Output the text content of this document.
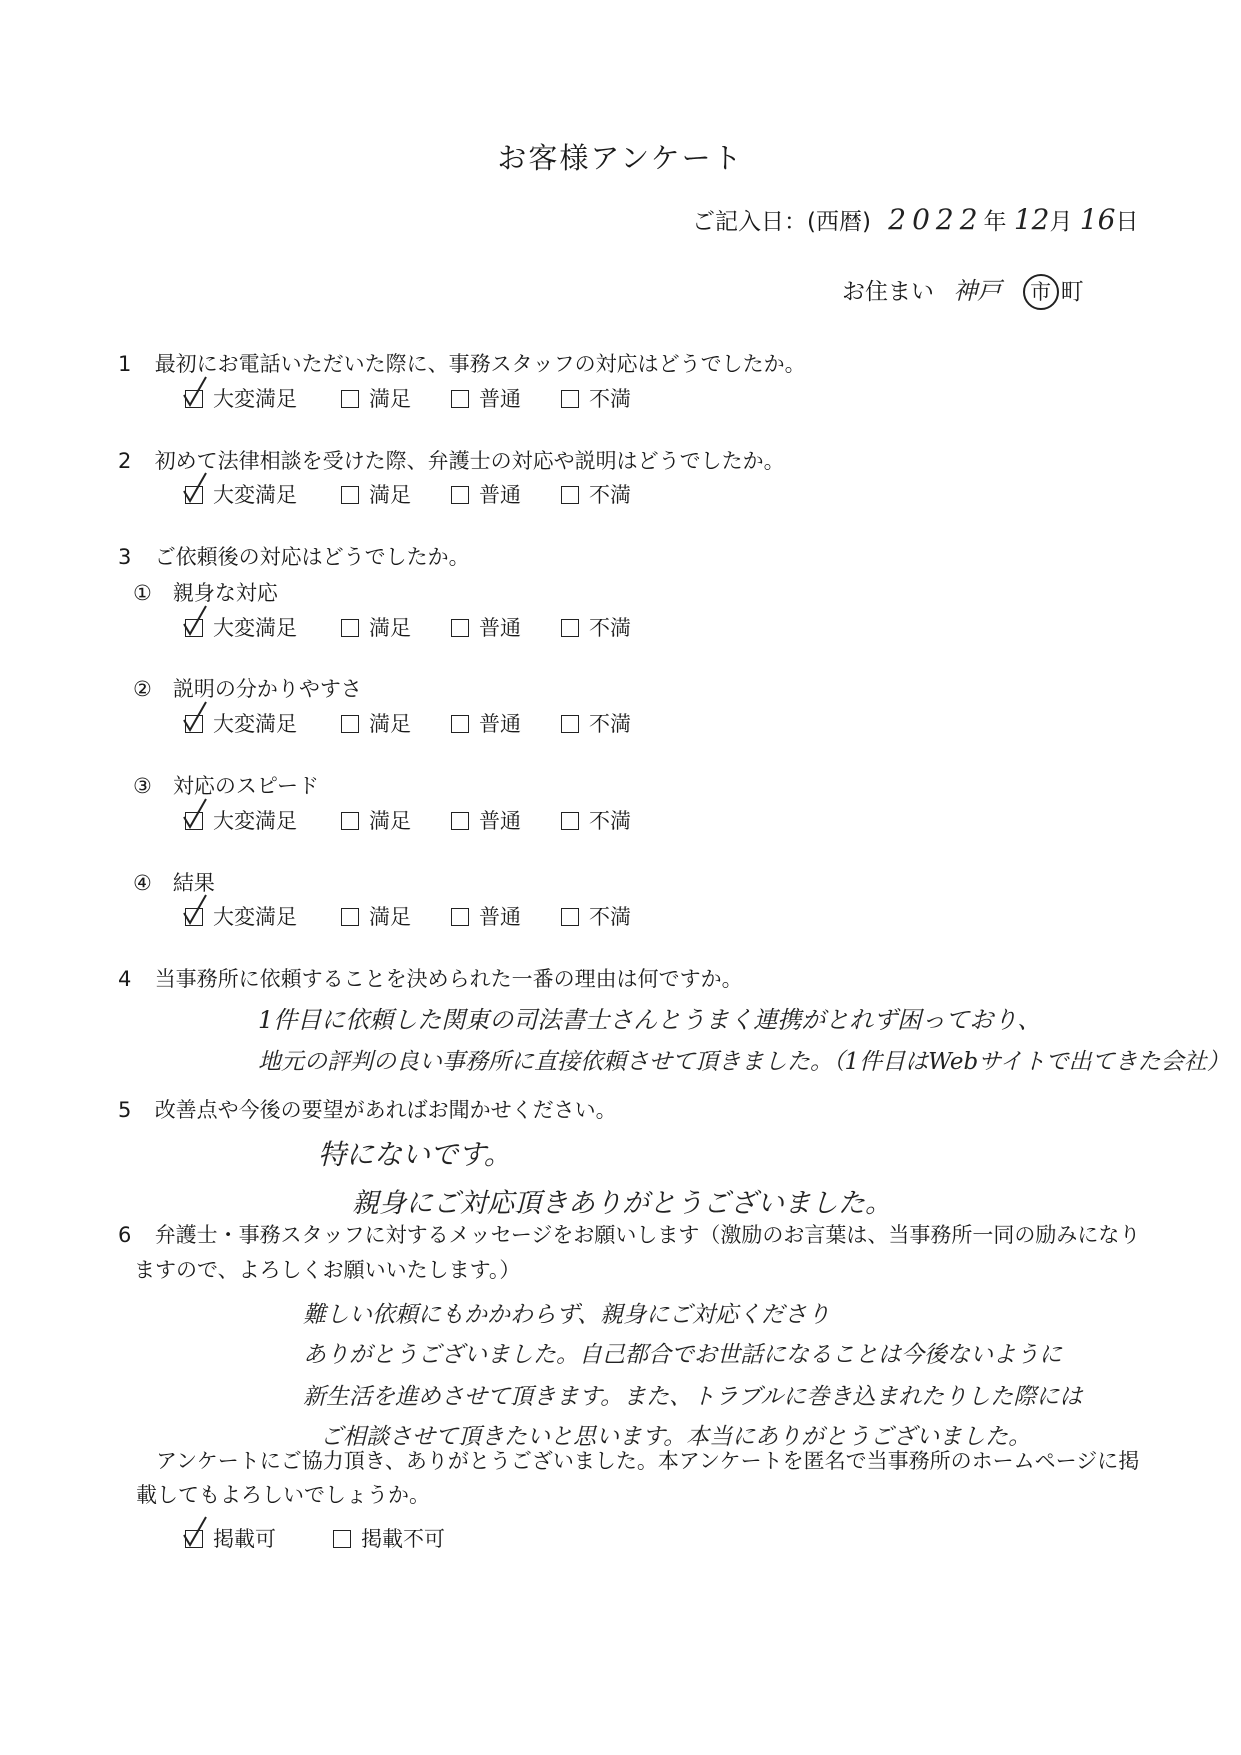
お客様アンケート
ご記入日：(西暦) 2022年 12月 16日
お住まい 神戸 市 町
1 最初にお電話いただいた際に、事務スタッフの対応はどうでしたか。
大変満足	満足	普通	不満
2 初めて法律相談を受けた際、弁護士の対応や説明はどうでしたか。
大変満足	満足	普通	不満
3 ご依頼後の対応はどうでしたか。
①　親身な対応
大変満足	満足	普通	不満
②　説明の分かりやすさ
大変満足	満足	普通	不満
③　対応のスピード
大変満足	満足	普通	不満
④　結果
大変満足	満足	普通	不満
4 当事務所に依頼することを決められた一番の理由は何ですか。
1件目に依頼した関東の司法書士さんとうまく連携がとれず困っており、
地元の評判の良い事務所に直接依頼させて頂きました。（1件目はWebサイトで出てきた会社）
5 改善点や今後の要望があればお聞かせください。
特にないです。
親身にご対応頂きありがとうございました。
6 弁護士・事務スタッフに対するメッセージをお願いします（激励のお言葉は、当事務所一同の励みになり
ますので、よろしくお願いいたします。）
難しい依頼にもかかわらず、親身にご対応くださり
ありがとうございました。自己都合でお世話になることは今後ないように
新生活を進めさせて頂きます。また、トラブルに巻き込まれたりした際には
ご相談させて頂きたいと思います。本当にありがとうございました。
アンケートにご協力頂き、ありがとうございました。本アンケートを匿名で当事務所のホームページに掲
載してもよろしいでしょうか。
掲載可	掲載不可
